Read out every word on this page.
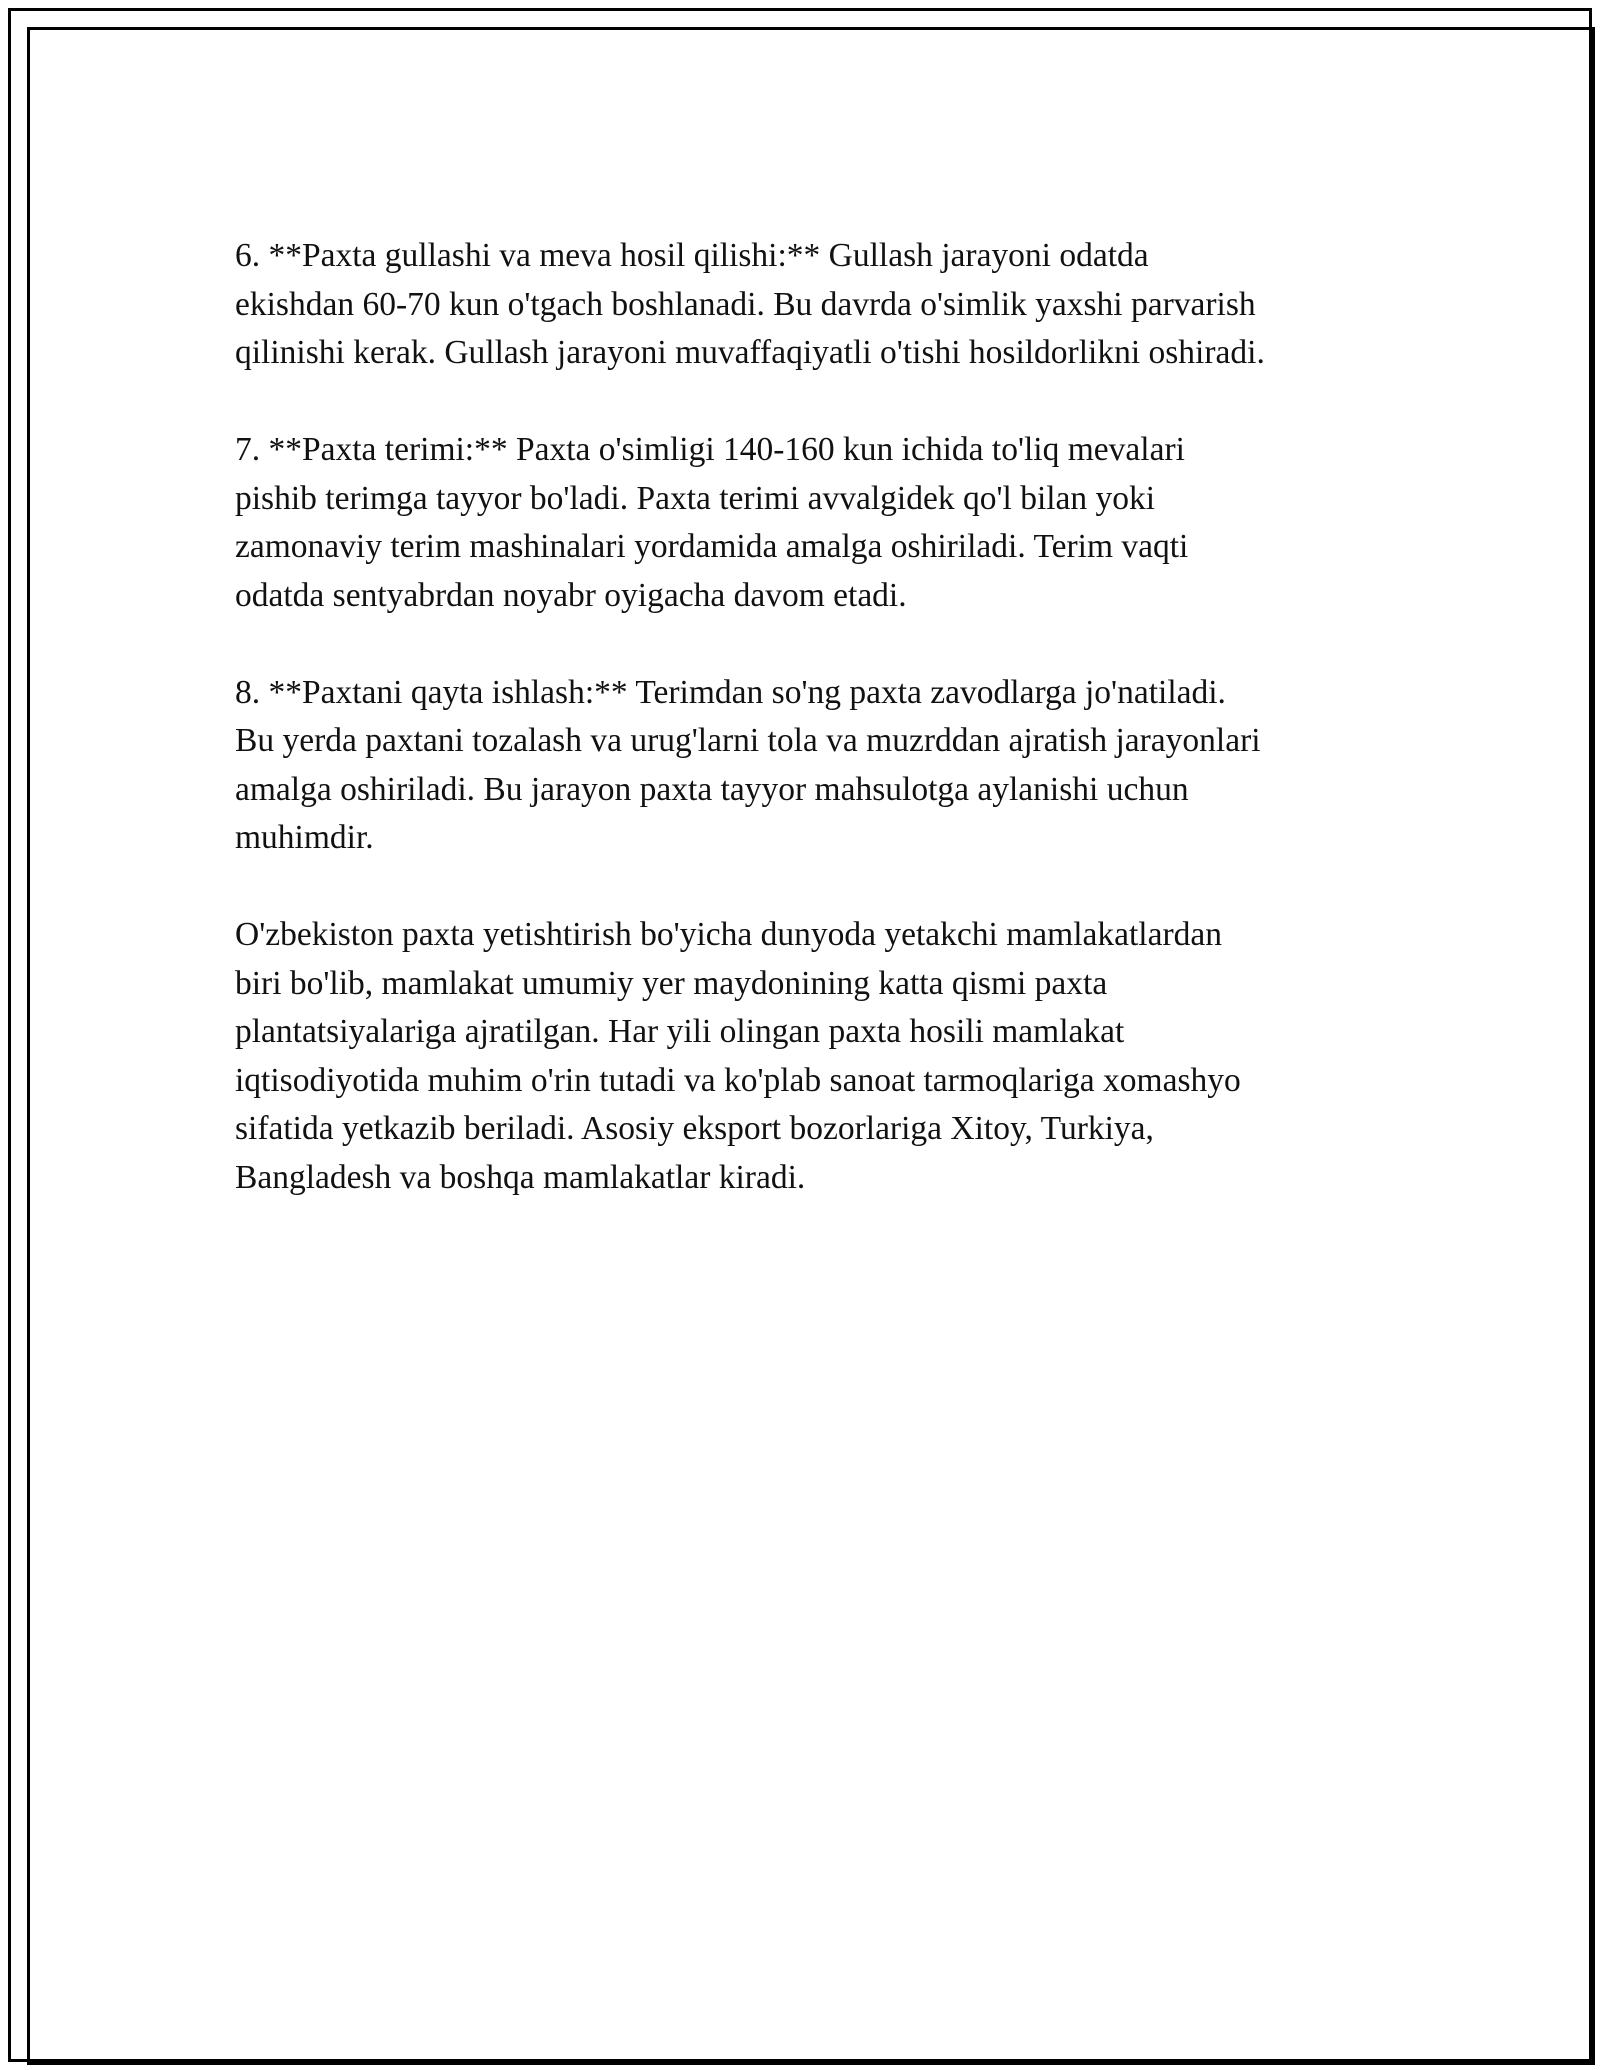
6. **Paxta gullashi va meva hosil qilishi:** Gullash jarayoni odatda
ekishdan 60-70 kun o'tgach boshlanadi. Bu davrda o'simlik yaxshi parvarish
qilinishi kerak. Gullash jarayoni muvaffaqiyatli o'tishi hosildorlikni oshiradi.

7. **Paxta terimi:** Paxta o'simligi 140-160 kun ichida to'liq mevalari
pishib terimga tayyor bo'ladi. Paxta terimi avvalgidek qo'l bilan yoki
zamonaviy terim mashinalari yordamida amalga oshiriladi. Terim vaqti
odatda sentyabrdan noyabr oyigacha davom etadi.

8. **Paxtani qayta ishlash:** Terimdan so'ng paxta zavodlarga jo'natiladi.
Bu yerda paxtani tozalash va urug'larni tola va muzrddan ajratish jarayonlari
amalga oshiriladi. Bu jarayon paxta tayyor mahsulotga aylanishi uchun
muhimdir.

O'zbekiston paxta yetishtirish bo'yicha dunyoda yetakchi mamlakatlardan
biri bo'lib, mamlakat umumiy yer maydonining katta qismi paxta
plantatsiyalariga ajratilgan. Har yili olingan paxta hosili mamlakat
iqtisodiyotida muhim o'rin tutadi va ko'plab sanoat tarmoqlariga xomashyo
sifatida yetkazib beriladi. Asosiy eksport bozorlariga Xitoy, Turkiya,
Bangladesh va boshqa mamlakatlar kiradi.
